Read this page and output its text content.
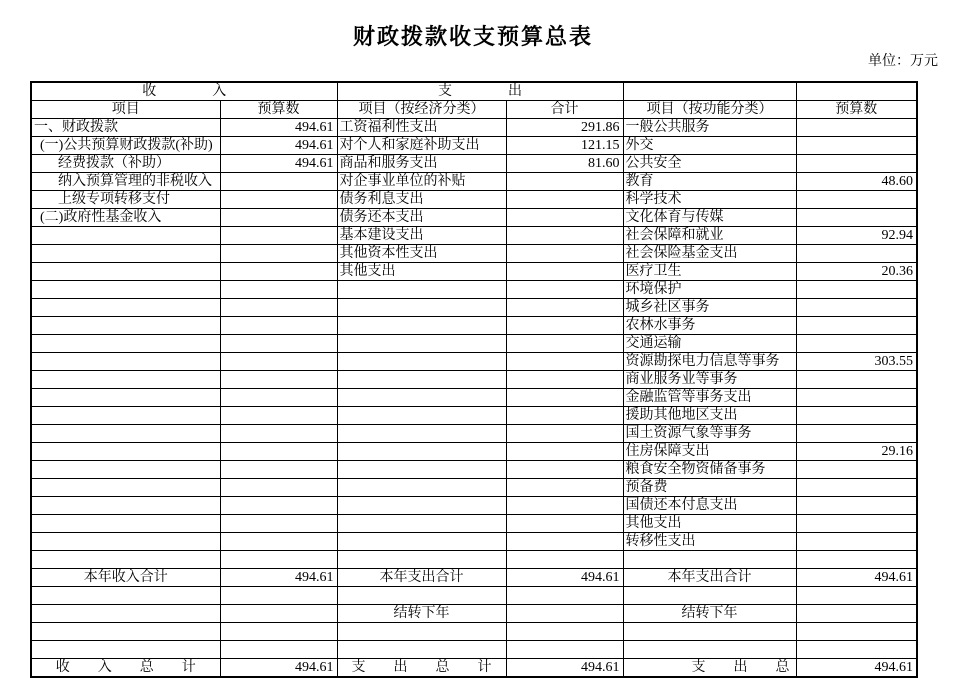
财政拨款收支预算总表
单位：万元
收　　　　入		支　　　　出			
项目	预算数	项目（按经济分类）	合计	项目（按功能分类）	预算数
一、财政拨款	494.61	工资福利性支出	291.86	一般公共服务	
(一)公共预算财政拨款(补助)	494.61	对个人和家庭补助支出	121.15	外交	
经费拨款（补助）	494.61	商品和服务支出	81.60	公共安全	
纳入预算管理的非税收入		对企事业单位的补贴		教育	48.60
上级专项转移支付		债务利息支出		科学技术	
(二)政府性基金收入		债务还本支出		文化体育与传媒	
		基本建设支出		社会保障和就业	92.94
		其他资本性支出		社会保险基金支出	
		其他支出		医疗卫生	20.36
				环境保护	
				城乡社区事务	
				农林水事务	
				交通运输	
				资源勘探电力信息等事务	303.55
				商业服务业等事务	
				金融监管等事务支出	
				援助其他地区支出	
				国土资源气象等事务	
				住房保障支出	29.16
				粮食安全物资储备事务	
				预备费	
				国债还本付息支出	
				其他支出	
				转移性支出	

本年收入合计	494.61	本年支出合计	494.61	本年支出合计	494.61

		结转下年		结转下年	

收　　入　　总　　计	494.61	支　　出　　总　　计	494.61	支　　出　　总	494.61
